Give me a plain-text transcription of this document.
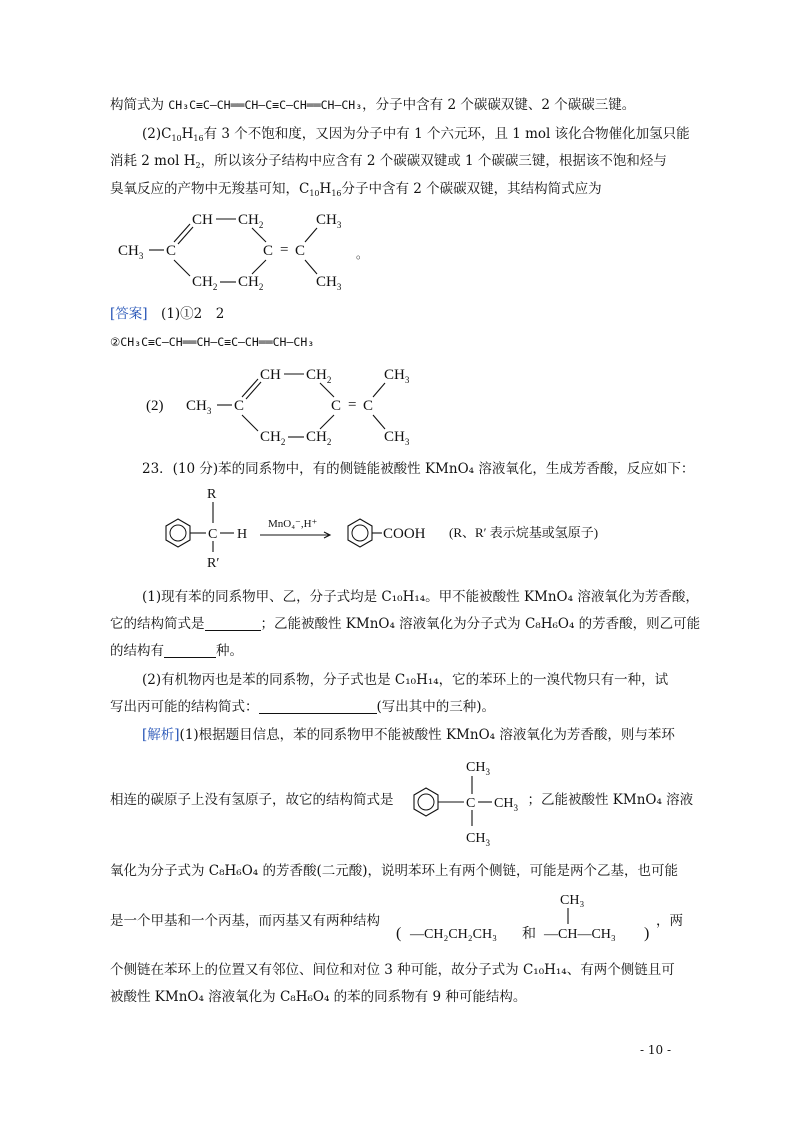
构简式为 CH₃C≡C—CH══CH—C≡C—CH══CH—CH₃，分子中含有 2 个碳碳双键、2 个碳碳三键。
$(2)C_{10}H_{16}$有 3 个不饱和度，又因为分子中有 1 个六元环，且 1 mol 该化合物催化加氢只能
消耗 2 mol $H_2$，所以该分子结构中应含有 2 个碳碳双键或 1 个碳碳三键，根据该不饱和烃与
臭氧反应的产物中无羧基可知，$C_{10}H_{16}$分子中含有 2 个碳碳双键，其结构简式应为
$CH_3$ C
CH $CH_2$
$CH_2$ $CH_2$
C = C
$CH_3$
$CH_3$
。
[答案]　 (1)①2　2
②CH₃C≡C—CH══CH—C≡C—CH══CH—CH₃
(2) $CH_3$ C
CH $CH_2$
$CH_2$ $CH_2$
C = C
$CH_3$
$CH_3$
23．(10 分)苯的同系物中，有的侧链能被酸性 KMnO₄ 溶液氧化，生成芳香酸，反应如下：
R
C H
R′
MnO₄⁻,H⁺
COOH (R、R′ 表示烷基或氢原子)
(1)现有苯的同系物甲、乙，分子式均是 C₁₀H₁₄。甲不能被酸性 KMnO₄ 溶液氧化为芳香酸，
它的结构简式是	；乙能被酸性 KMnO₄ 溶液氧化为分子式为 C₈H₆O₄ 的芳香酸，则乙可能
的结构有	种。
(2)有机物丙也是苯的同系物，分子式也是 C₁₀H₁₄，它的苯环上的一溴代物只有一种，试
写出丙可能的结构简式：	(写出其中的三种)。
[解析](1)根据题目信息，苯的同系物甲不能被酸性 KMnO₄ 溶液氧化为芳香酸，则与苯环
相连的碳原子上没有氢原子，故它的结构简式是	；乙能被酸性 KMnO₄ 溶液
$CH_3$
C $CH_3$
$CH_3$
氧化为分子式为 C₈H₆O₄ 的芳香酸(二元酸)，说明苯环上有两个侧链，可能是两个乙基，也可能
是一个甲基和一个丙基，而丙基又有两种结构	，两
( —CH₂CH₂CH₃ 和 —CH—CH₃
CH₃
)
个侧链在苯环上的位置又有邻位、间位和对位 3 种可能，故分子式为 C₁₀H₁₄、有两个侧链且可
被酸性 KMnO₄ 溶液氧化为 C₈H₆O₄ 的苯的同系物有 9 种可能结构。
- 10 -
